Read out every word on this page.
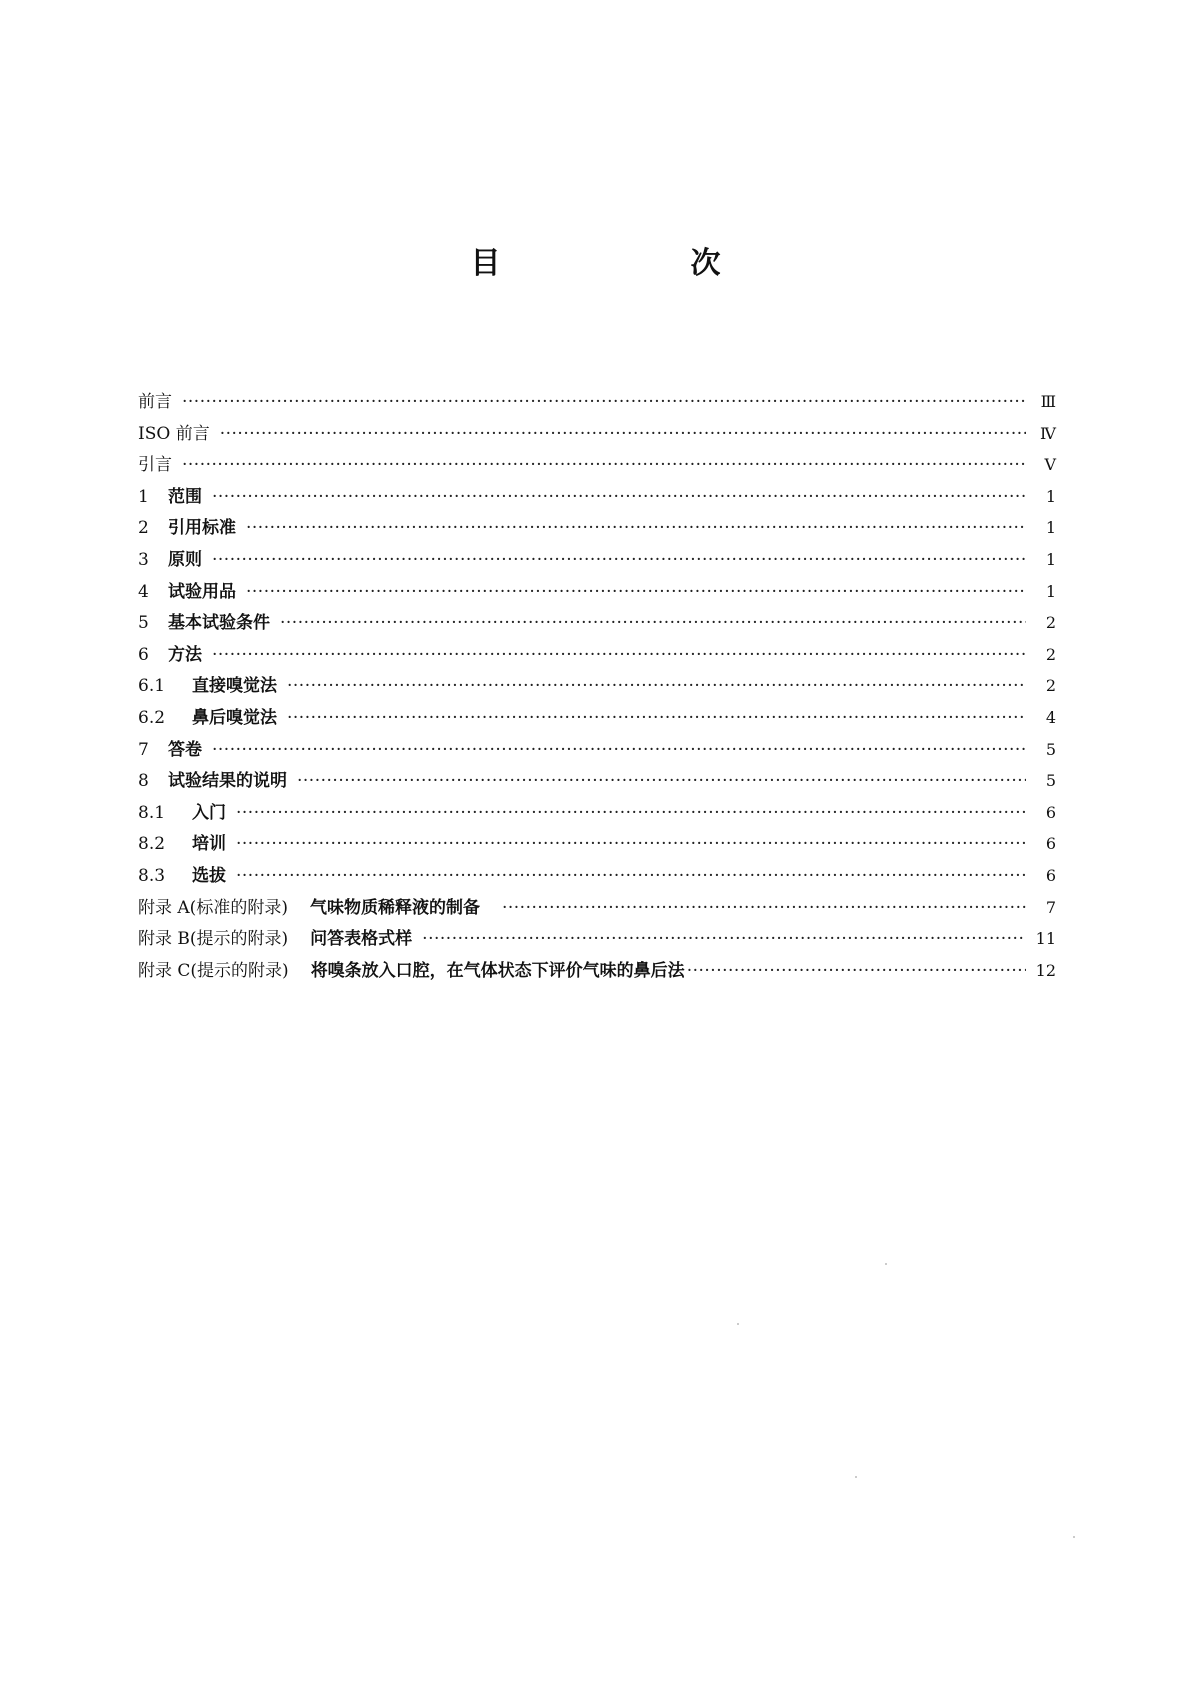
目　次
前言 ·····	Ⅲ
ISO 前言 ·····	Ⅳ
引言 ·····	Ⅴ
1	范围 ·····	1
2	引用标准 ·····	1
3	原则 ·····	1
4	试验用品 ·····	1
5	基本试验条件 ·····	2
6	方法 ·····	2
6.1	直接嗅觉法 ·····	2
6.2	鼻后嗅觉法 ·····	4
7	答卷 ·····	5
8	试验结果的说明 ·····	5
8.1	入门 ·····	6
8.2	培训 ·····	6
8.3	选拔 ·····	6
附录 A(标准的附录) 气味物质稀释液的制备 ·····	7
附录 B(提示的附录) 问答表格式样 ·····	11
附录 C(提示的附录) 将嗅条放入口腔，在气体状态下评价气味的鼻后法 ·····	12
